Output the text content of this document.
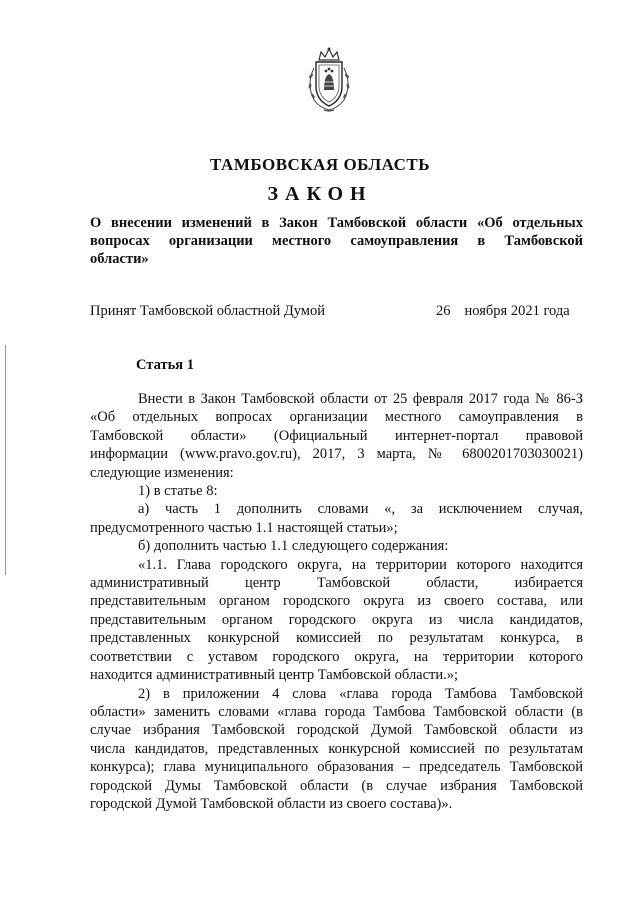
ТАМБОВСКАЯ ОБЛАСТЬ
ЗАКОН
О внесении изменений в Закон Тамбовской области «Об отдельных
вопросах организации местного самоуправления в Тамбовской
области»
Принят Тамбовской областной Думой	26 ноября 2021 года
Статья 1
Внести в Закон Тамбовской области от 25 февраля 2017 года № 86-З
«Об отдельных вопросах организации местного самоуправления в
Тамбовской области» (Официальный интернет-портал правовой
информации (www.pravo.gov.ru), 2017, 3 марта, № 6800201703030021)
следующие изменения:
1) в статье 8:
а) часть 1 дополнить словами «, за исключением случая,
предусмотренного частью 1.1 настоящей статьи»;
б) дополнить частью 1.1 следующего содержания:
«1.1. Глава городского округа, на территории которого находится
административный центр Тамбовской области, избирается
представительным органом городского округа из своего состава, или
представительным органом городского округа из числа кандидатов,
представленных конкурсной комиссией по результатам конкурса, в
соответствии с уставом городского округа, на территории которого
находится административный центр Тамбовской области.»;
2) в приложении 4 слова «глава города Тамбова Тамбовской
области» заменить словами «глава города Тамбова Тамбовской области (в
случае избрания Тамбовской городской Думой Тамбовской области из
числа кандидатов, представленных конкурсной комиссией по результатам
конкурса); глава муниципального образования – председатель Тамбовской
городской Думы Тамбовской области (в случае избрания Тамбовской
городской Думой Тамбовской области из своего состава)».
